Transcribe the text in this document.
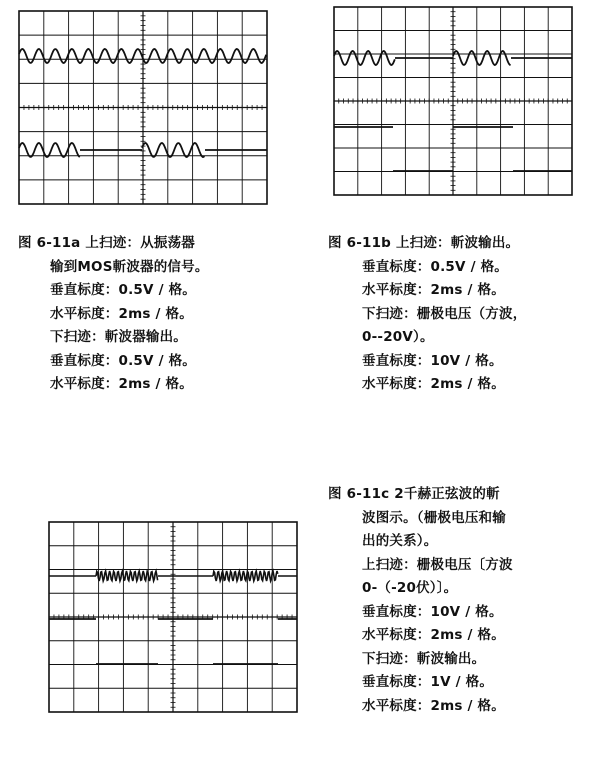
图 6-11a 上扫迹：从振荡器
输到MOS斬波器的信号。
垂直标度：0.5V / 格。
水平标度：2ms / 格。
下扫迹：斬波器输出。
垂直标度：0.5V / 格。
水平标度：2ms / 格。
图 6-11b 上扫迹：斬波输出。
垂直标度：0.5V / 格。
水平标度：2ms / 格。
下扫迹：栅极电压（方波，
0--20V）。
垂直标度：10V / 格。
水平标度：2ms / 格。
图 6-11c 2千赫正弦波的斬
波图示。（栅极电压和输
出的关系）。
上扫迹：栅极电压〔方波
0-（-20伏）〕。
垂直标度：10V / 格。
水平标度：2ms / 格。
下扫迹：斬波输出。
垂直标度：1V / 格。
水平标度：2ms / 格。
